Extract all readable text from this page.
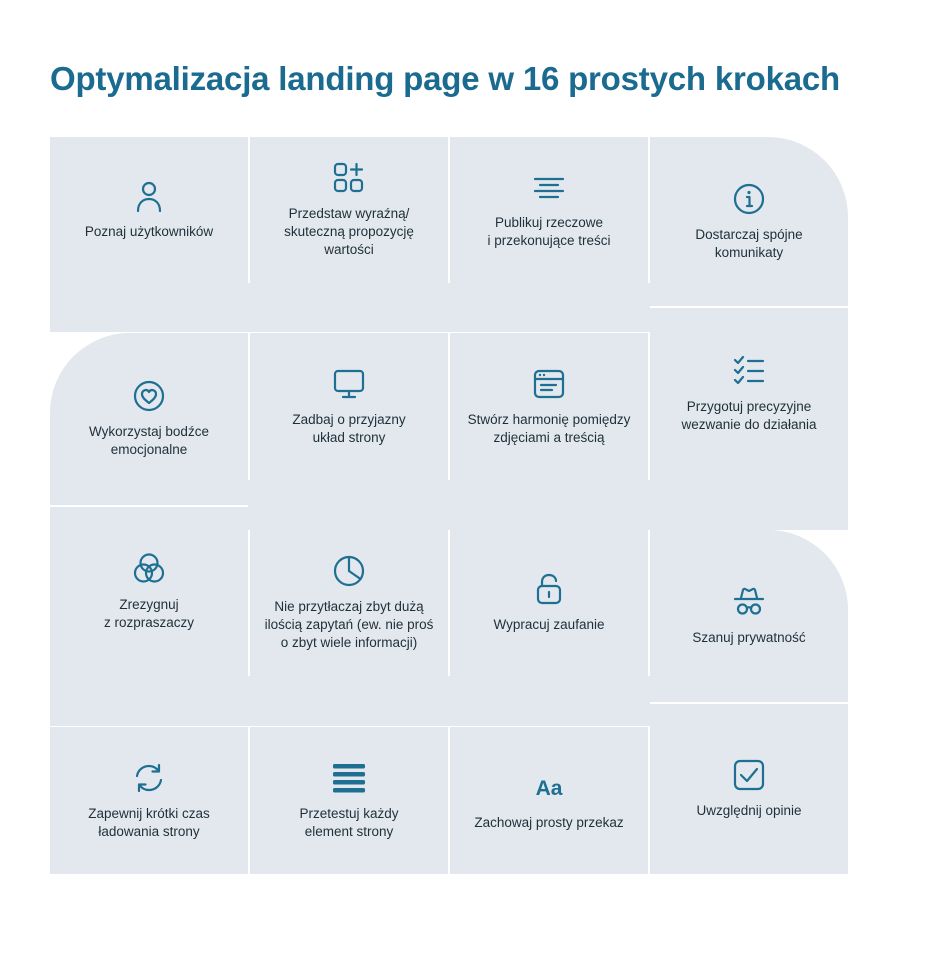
Optymalizacja landing page w 16 prostych krokach
Poznaj użytkowników
Przedstaw wyraźną/
skuteczną propozycję
wartości
Publikuj rzeczowe
i przekonujące treści	Dostarczaj spójne
komunikaty
Wykorzystaj bodźce
emocjonalne
Zadbaj o przyjazny
układ strony
Stwórz harmonię pomiędzy
zdjęciami a treścią
Przygotuj precyzyjne
wezwanie do działania
Zrezygnuj
z rozpraszaczy
Nie przytłaczaj zbyt dużą
ilością zapytań (ew. nie proś
o zbyt wiele informacji)
Wypracuj zaufanie
Szanuj prywatność
Zapewnij krótki czas
ładowania strony
Przetestuj każdy
element strony
Aa
Zachowaj prosty przekaz
Uwzględnij opinie
